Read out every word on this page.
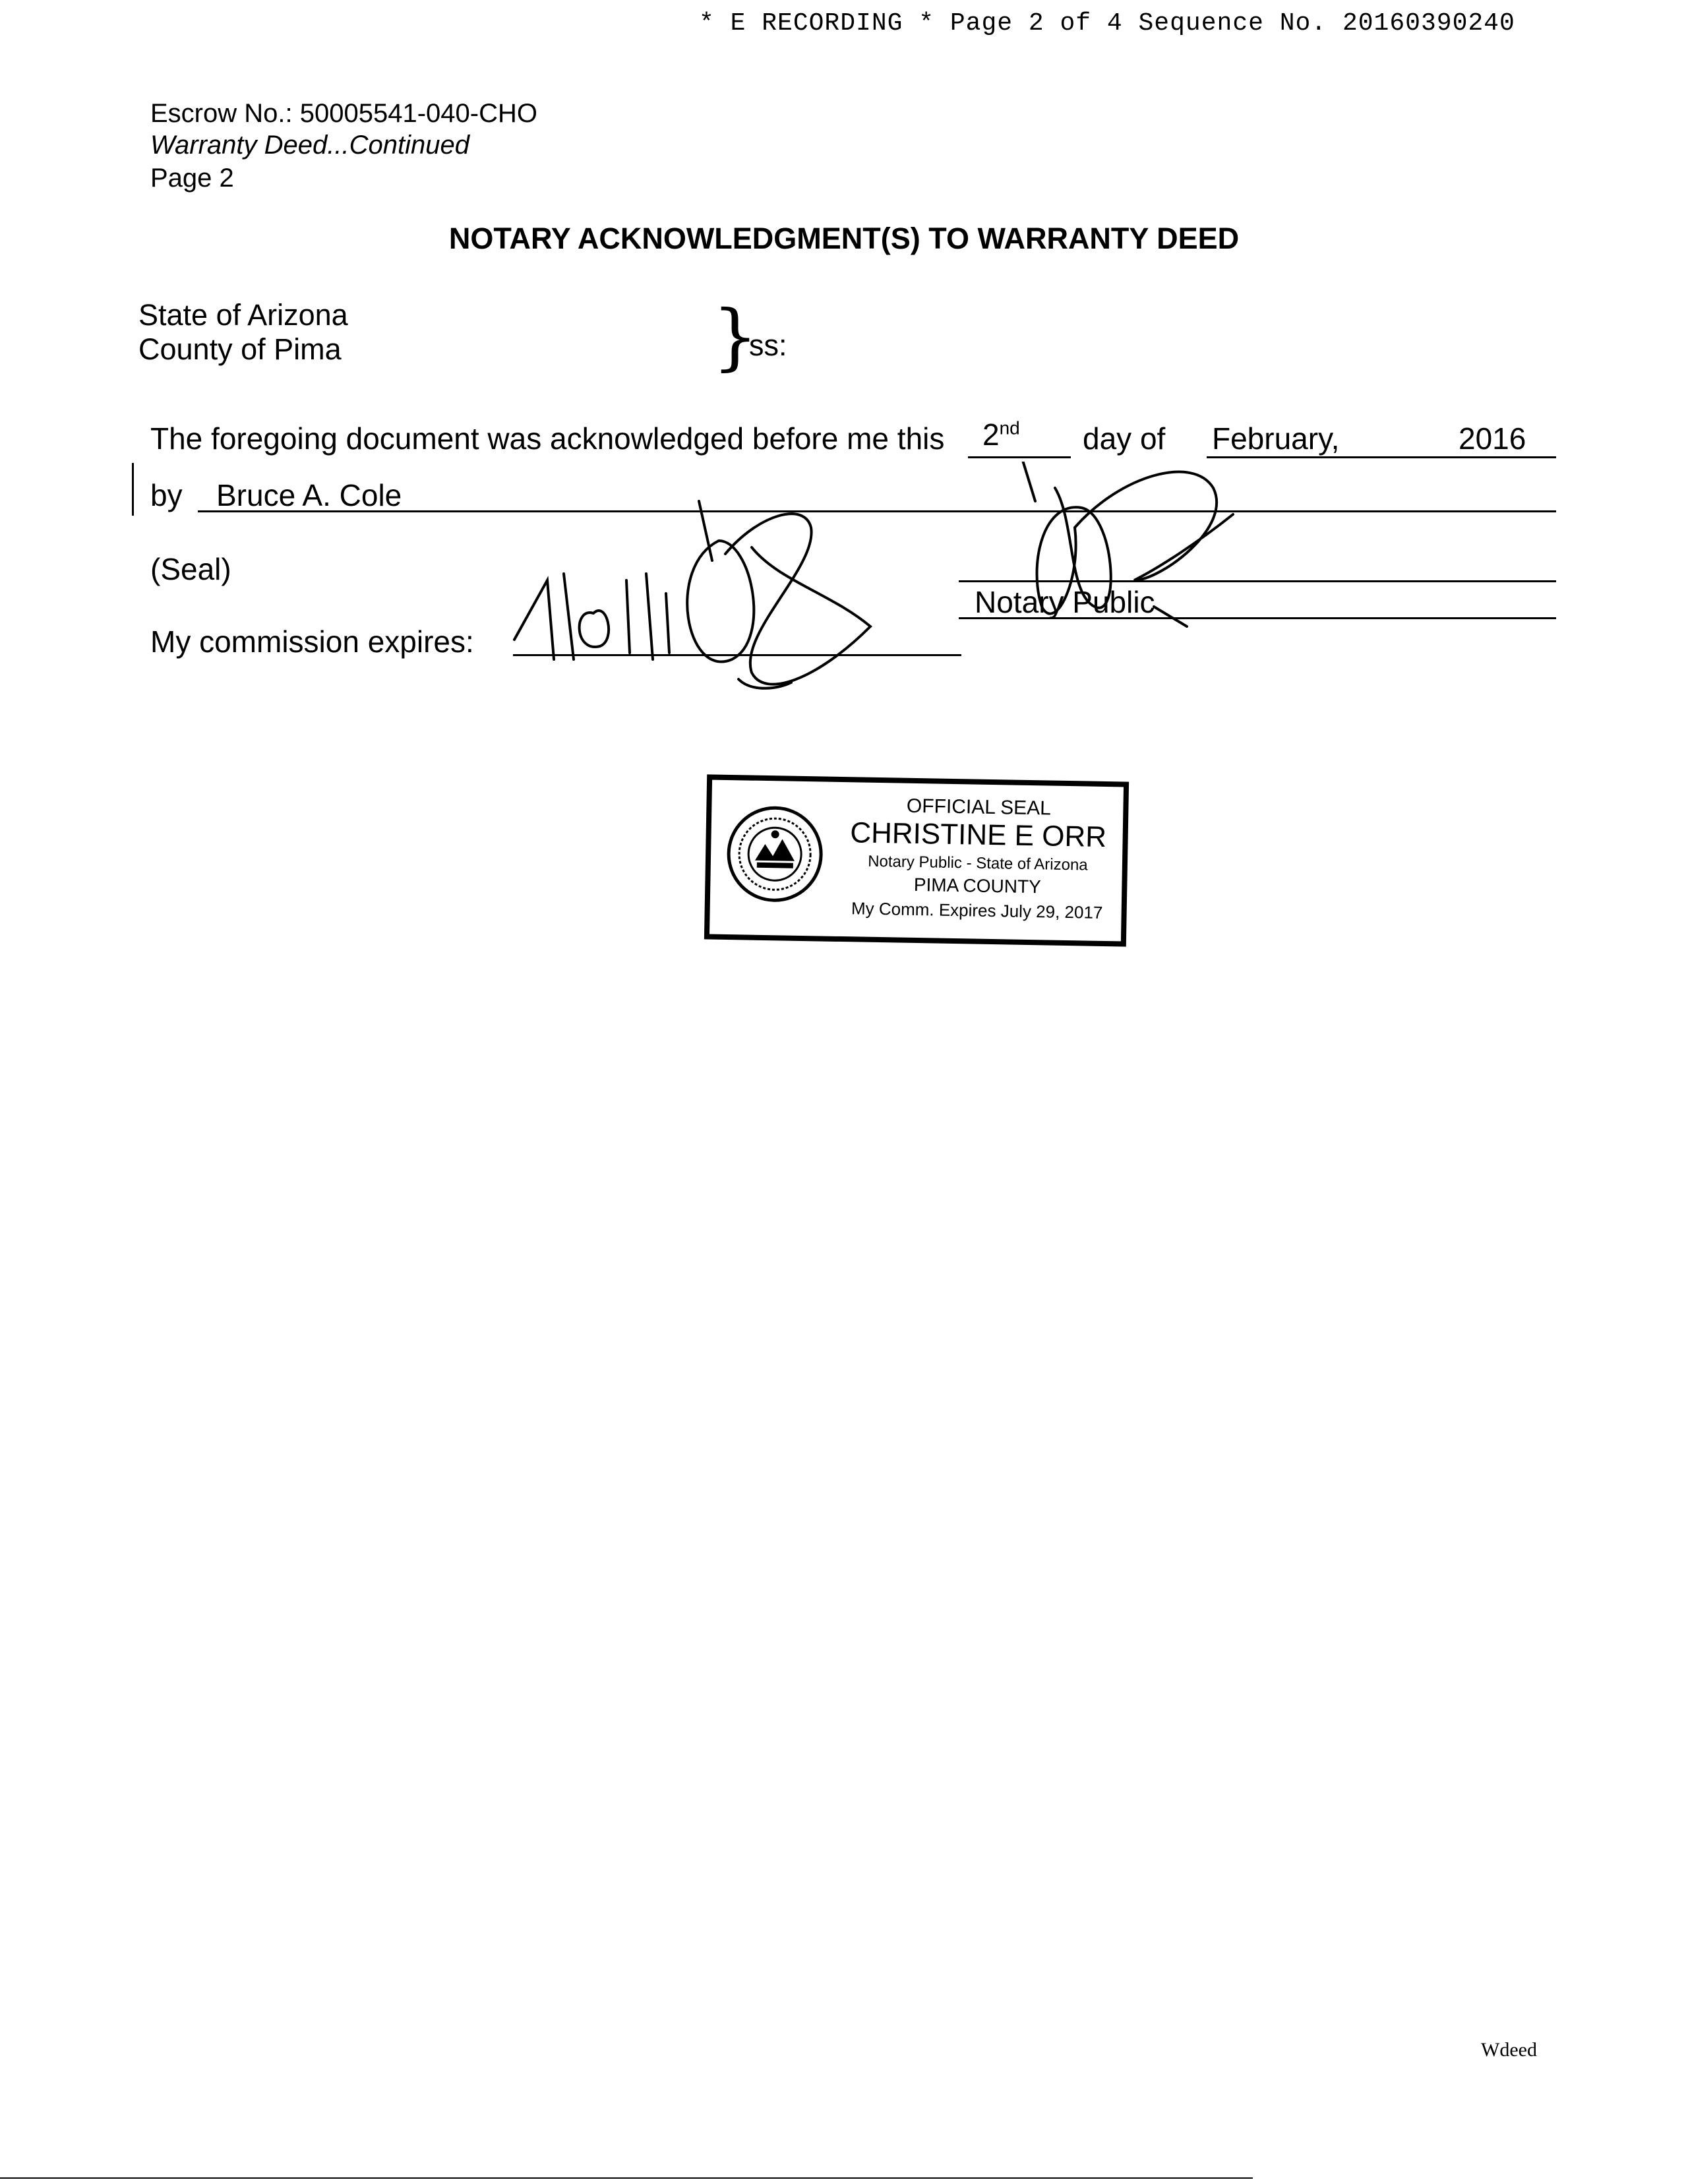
* E RECORDING * Page 2 of 4 Sequence No. 20160390240
Escrow No.: 50005541-040-CHO
Warranty Deed...Continued
Page 2
NOTARY ACKNOWLEDGMENT(S) TO WARRANTY DEED
State of Arizona
County of Pima	}
ss:
The foregoing document was acknowledged before me this 2nd day of February,	2016
by Bruce A. Cole
(Seal)
Notary Public
My commission expires:
OFFICIAL SEAL
CHRISTINE E ORR
Notary Public - State of Arizona
PIMA COUNTY
My Comm. Expires July 29, 2017
Wdeed
